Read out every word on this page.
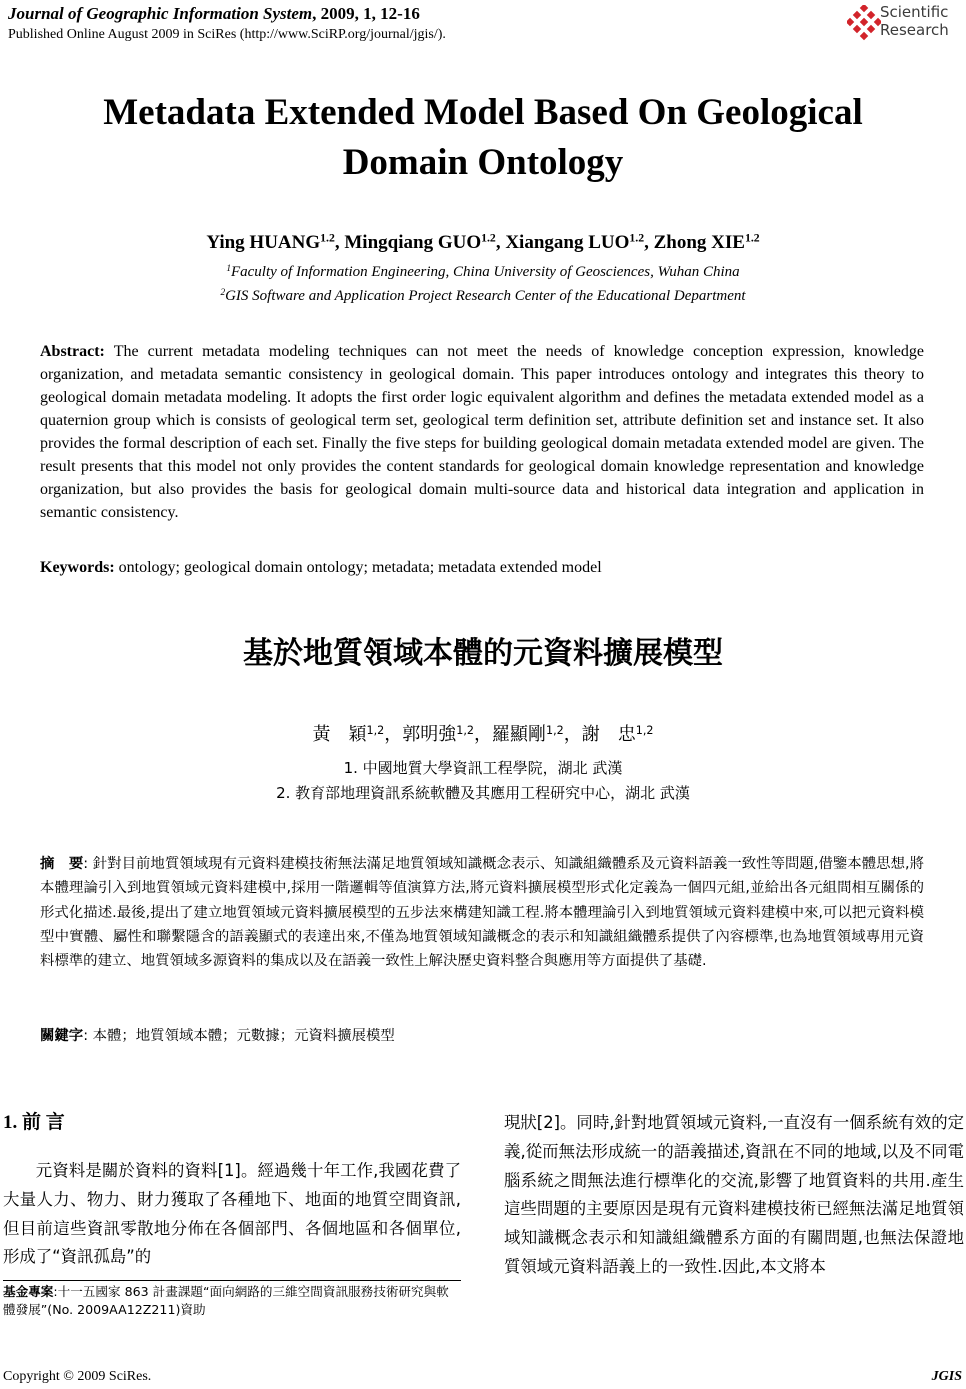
Journal of Geographic Information System, 2009, 1, 12-16
Published Online August 2009 in SciRes (http://www.SciRP.org/journal/jgis/).
Scientific
Research
Metadata Extended Model Based On Geological
Domain Ontology
Ying $HUANG^{1.2}$, Mingqiang $GUO^{1.2}$, Xiangang $LUO^{1.2}$, Zhong $XIE^{1.2}$
$^1$Faculty of Information Engineering, China University of Geosciences, Wuhan China
$^2$GIS Software and Application Project Research Center of the Educational Department
Abstract: The current metadata modeling techniques can not meet the needs of knowledge conception expression, knowledge organization, and metadata semantic consistency in geological domain. This paper introduces ontology and integrates this theory to geological domain metadata modeling. It adopts the first order logic equivalent algorithm and defines the metadata extended model as a quaternion group which is consists of geological term set, geological term definition set, attribute definition set and instance set. It also provides the formal description of each set. Finally the five steps for building geological domain metadata extended model are given. The result presents that this model not only provides the content standards for geological domain knowledge representation and knowledge organization, but also provides the basis for geological domain multi-source data and historical data integration and application in semantic consistency.
Keywords: ontology; geological domain ontology; metadata; metadata extended model
基於地質領域本體的元資料擴展模型
黃　穎$^{1,2}$，郭明強$^{1,2}$，羅顯剛$^{1,2}$，謝　忠$^{1,2}$
1. 中國地質大學資訊工程學院，湖北 武漢
2. 教育部地理資訊系統軟體及其應用工程研究中心，湖北 武漢
摘　要: 針對目前地質領域現有元資料建模技術無法滿足地質領域知識概念表示、知識組織體系及元資料語義一致性等問題,借鑒本體思想,將本體理論引入到地質領域元資料建模中,採用一階邏輯等值演算方法,將元資料擴展模型形式化定義為一個四元組,並給出各元組間相互關係的形式化描述.最後,提出了建立地質領域元資料擴展模型的五步法來構建知識工程.將本體理論引入到地質領域元資料建模中來,可以把元資料模型中實體、屬性和聯繫隱含的語義顯式的表達出來,不僅為地質領域知識概念的表示和知識組織體系提供了內容標準,也為地質領域專用元資料標準的建立、地質領域多源資料的集成以及在語義一致性上解決歷史資料整合與應用等方面提供了基礎.
關鍵字: 本體；地質領域本體；元數據；元資料擴展模型
1. 前 言
元資料是關於資料的資料[1]。經過幾十年工作,我國花費了大量人力、物力、財力獲取了各種地下、地面的地質空間資訊, 但目前這些資訊零散地分佈在各個部門、各個地區和各個單位,形成了“資訊孤島”的
現狀[2]。同時,針對地質領域元資料,一直沒有一個系統有效的定義,從而無法形成統一的語義描述,資訊在不同的地域,以及不同電腦系統之間無法進行標準化的交流,影響了地質資料的共用.產生這些問題的主要原因是現有元資料建模技術已經無法滿足地質領域知識概念表示和知識組織體系方面的有關問題,也無法保證地質領域元資料語義上的一致性.因此,本文將本
基金專案:十一五國家 863 計畫課題“面向網路的三維空間資訊服務技術研究與軟體發展”(No. 2009AA12Z211)資助
Copyright © 2009 SciRes.	JGIS
